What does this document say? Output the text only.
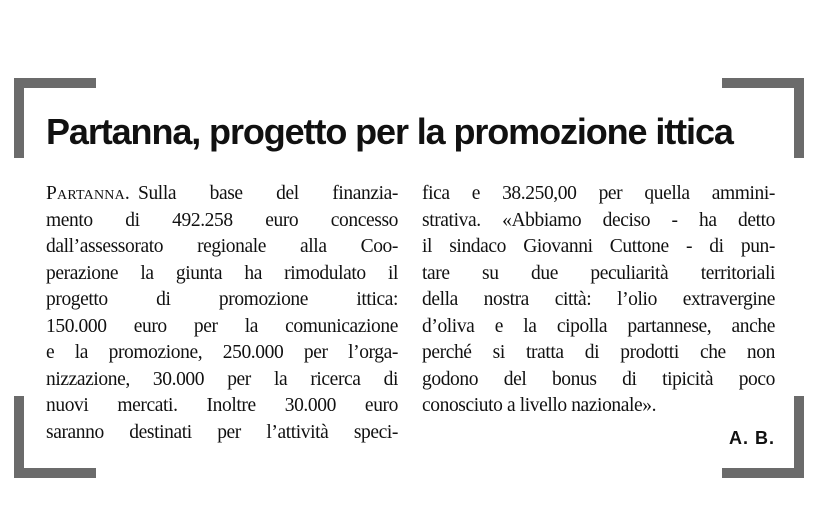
Partanna, progetto per la promozione ittica
Partanna. Sulla base del finanzia-
mento di 492.258 euro concesso
dall’assessorato regionale alla Coo-
perazione la giunta ha rimodulato il
progetto di promozione ittica:
150.000 euro per la comunicazione
e la promozione, 250.000 per l’orga-
nizzazione, 30.000 per la ricerca di
nuovi mercati. Inoltre 30.000 euro
saranno destinati per l’attività speci-
fica e 38.250,00 per quella ammini-
strativa. «Abbiamo deciso - ha detto
il sindaco Giovanni Cuttone - di pun-
tare su due peculiarità territoriali
della nostra città: l’olio extravergine
d’oliva e la cipolla partannese, anche
perché si tratta di prodotti che non
godono del bonus di tipicità poco
conosciuto a livello nazionale».
A. B.
